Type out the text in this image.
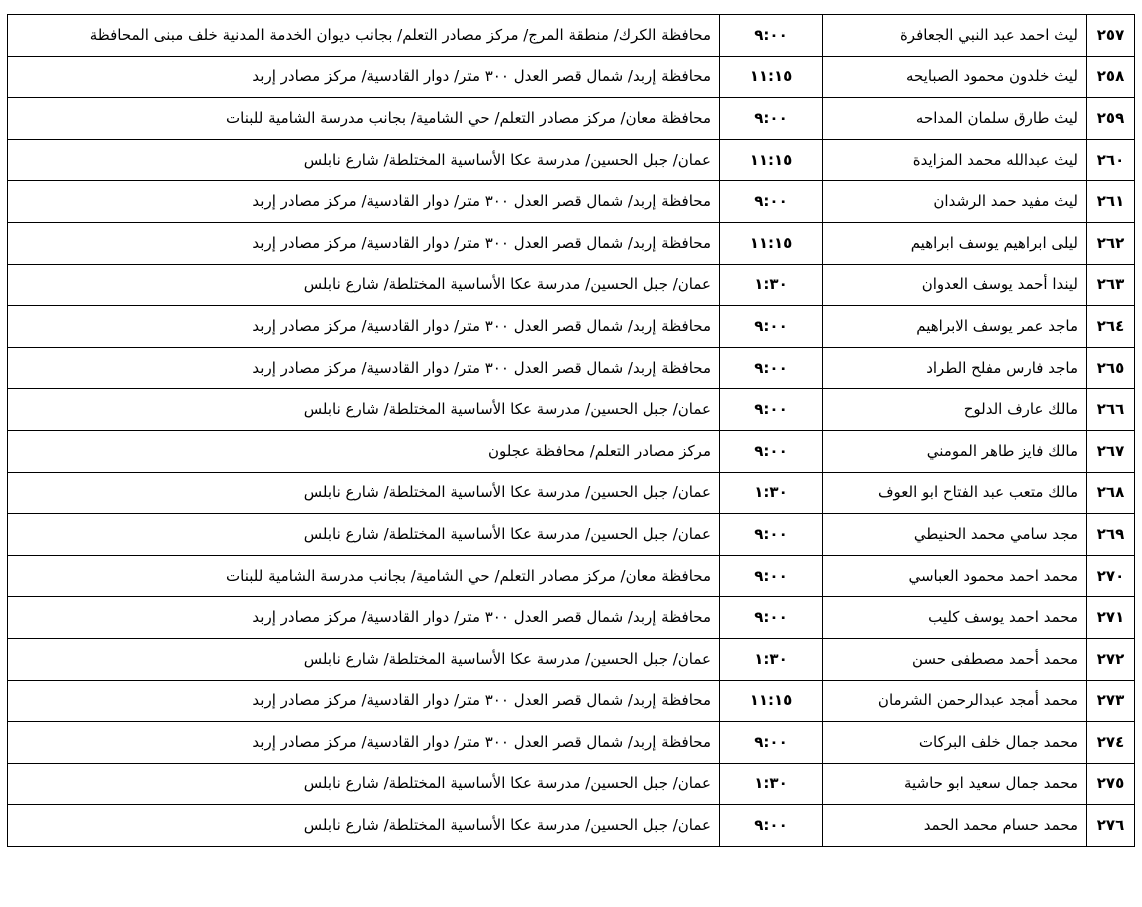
٢٥٧	ليث احمد عبد النبي الجعافرة	٩:٠٠	محافظة الكرك/ منطقة المرج/ مركز مصادر التعلم/ بجانب ديوان الخدمة المدنية خلف مبنى المحافظة
٢٥٨	ليث خلدون محمود الصبايحه	١١:١٥	محافظة إربد/ شمال قصر العدل ٣٠٠ متر/ دوار القادسية/ مركز مصادر إربد
٢٥٩	ليث طارق سلمان المداحه	٩:٠٠	محافظة معان/ مركز مصادر التعلم/ حي الشامية/ بجانب مدرسة الشامية للبنات
٢٦٠	ليث عبدالله محمد المزايدة	١١:١٥	عمان/ جبل الحسين/ مدرسة عكا الأساسية المختلطة/ شارع نابلس
٢٦١	ليث مفيد حمد الرشدان	٩:٠٠	محافظة إربد/ شمال قصر العدل ٣٠٠ متر/ دوار القادسية/ مركز مصادر إربد
٢٦٢	ليلى ابراهيم يوسف ابراهيم	١١:١٥	محافظة إربد/ شمال قصر العدل ٣٠٠ متر/ دوار القادسية/ مركز مصادر إربد
٢٦٣	ليندا أحمد يوسف العدوان	١:٣٠	عمان/ جبل الحسين/ مدرسة عكا الأساسية المختلطة/ شارع نابلس
٢٦٤	ماجد عمر يوسف الابراهيم	٩:٠٠	محافظة إربد/ شمال قصر العدل ٣٠٠ متر/ دوار القادسية/ مركز مصادر إربد
٢٦٥	ماجد فارس مفلح الطراد	٩:٠٠	محافظة إربد/ شمال قصر العدل ٣٠٠ متر/ دوار القادسية/ مركز مصادر إربد
٢٦٦	مالك عارف الدلوح	٩:٠٠	عمان/ جبل الحسين/ مدرسة عكا الأساسية المختلطة/ شارع نابلس
٢٦٧	مالك فايز طاهر المومني	٩:٠٠	مركز مصادر التعلم/ محافظة عجلون
٢٦٨	مالك متعب عبد الفتاح ابو العوف	١:٣٠	عمان/ جبل الحسين/ مدرسة عكا الأساسية المختلطة/ شارع نابلس
٢٦٩	مجد سامي محمد الحنيطي	٩:٠٠	عمان/ جبل الحسين/ مدرسة عكا الأساسية المختلطة/ شارع نابلس
٢٧٠	محمد احمد محمود العباسي	٩:٠٠	محافظة معان/ مركز مصادر التعلم/ حي الشامية/ بجانب مدرسة الشامية للبنات
٢٧١	محمد احمد يوسف كليب	٩:٠٠	محافظة إربد/ شمال قصر العدل ٣٠٠ متر/ دوار القادسية/ مركز مصادر إربد
٢٧٢	محمد أحمد مصطفى حسن	١:٣٠	عمان/ جبل الحسين/ مدرسة عكا الأساسية المختلطة/ شارع نابلس
٢٧٣	محمد أمجد عبدالرحمن الشرمان	١١:١٥	محافظة إربد/ شمال قصر العدل ٣٠٠ متر/ دوار القادسية/ مركز مصادر إربد
٢٧٤	محمد جمال خلف البركات	٩:٠٠	محافظة إربد/ شمال قصر العدل ٣٠٠ متر/ دوار القادسية/ مركز مصادر إربد
٢٧٥	محمد جمال سعيد ابو حاشية	١:٣٠	عمان/ جبل الحسين/ مدرسة عكا الأساسية المختلطة/ شارع نابلس
٢٧٦	محمد حسام محمد الحمد	٩:٠٠	عمان/ جبل الحسين/ مدرسة عكا الأساسية المختلطة/ شارع نابلس
